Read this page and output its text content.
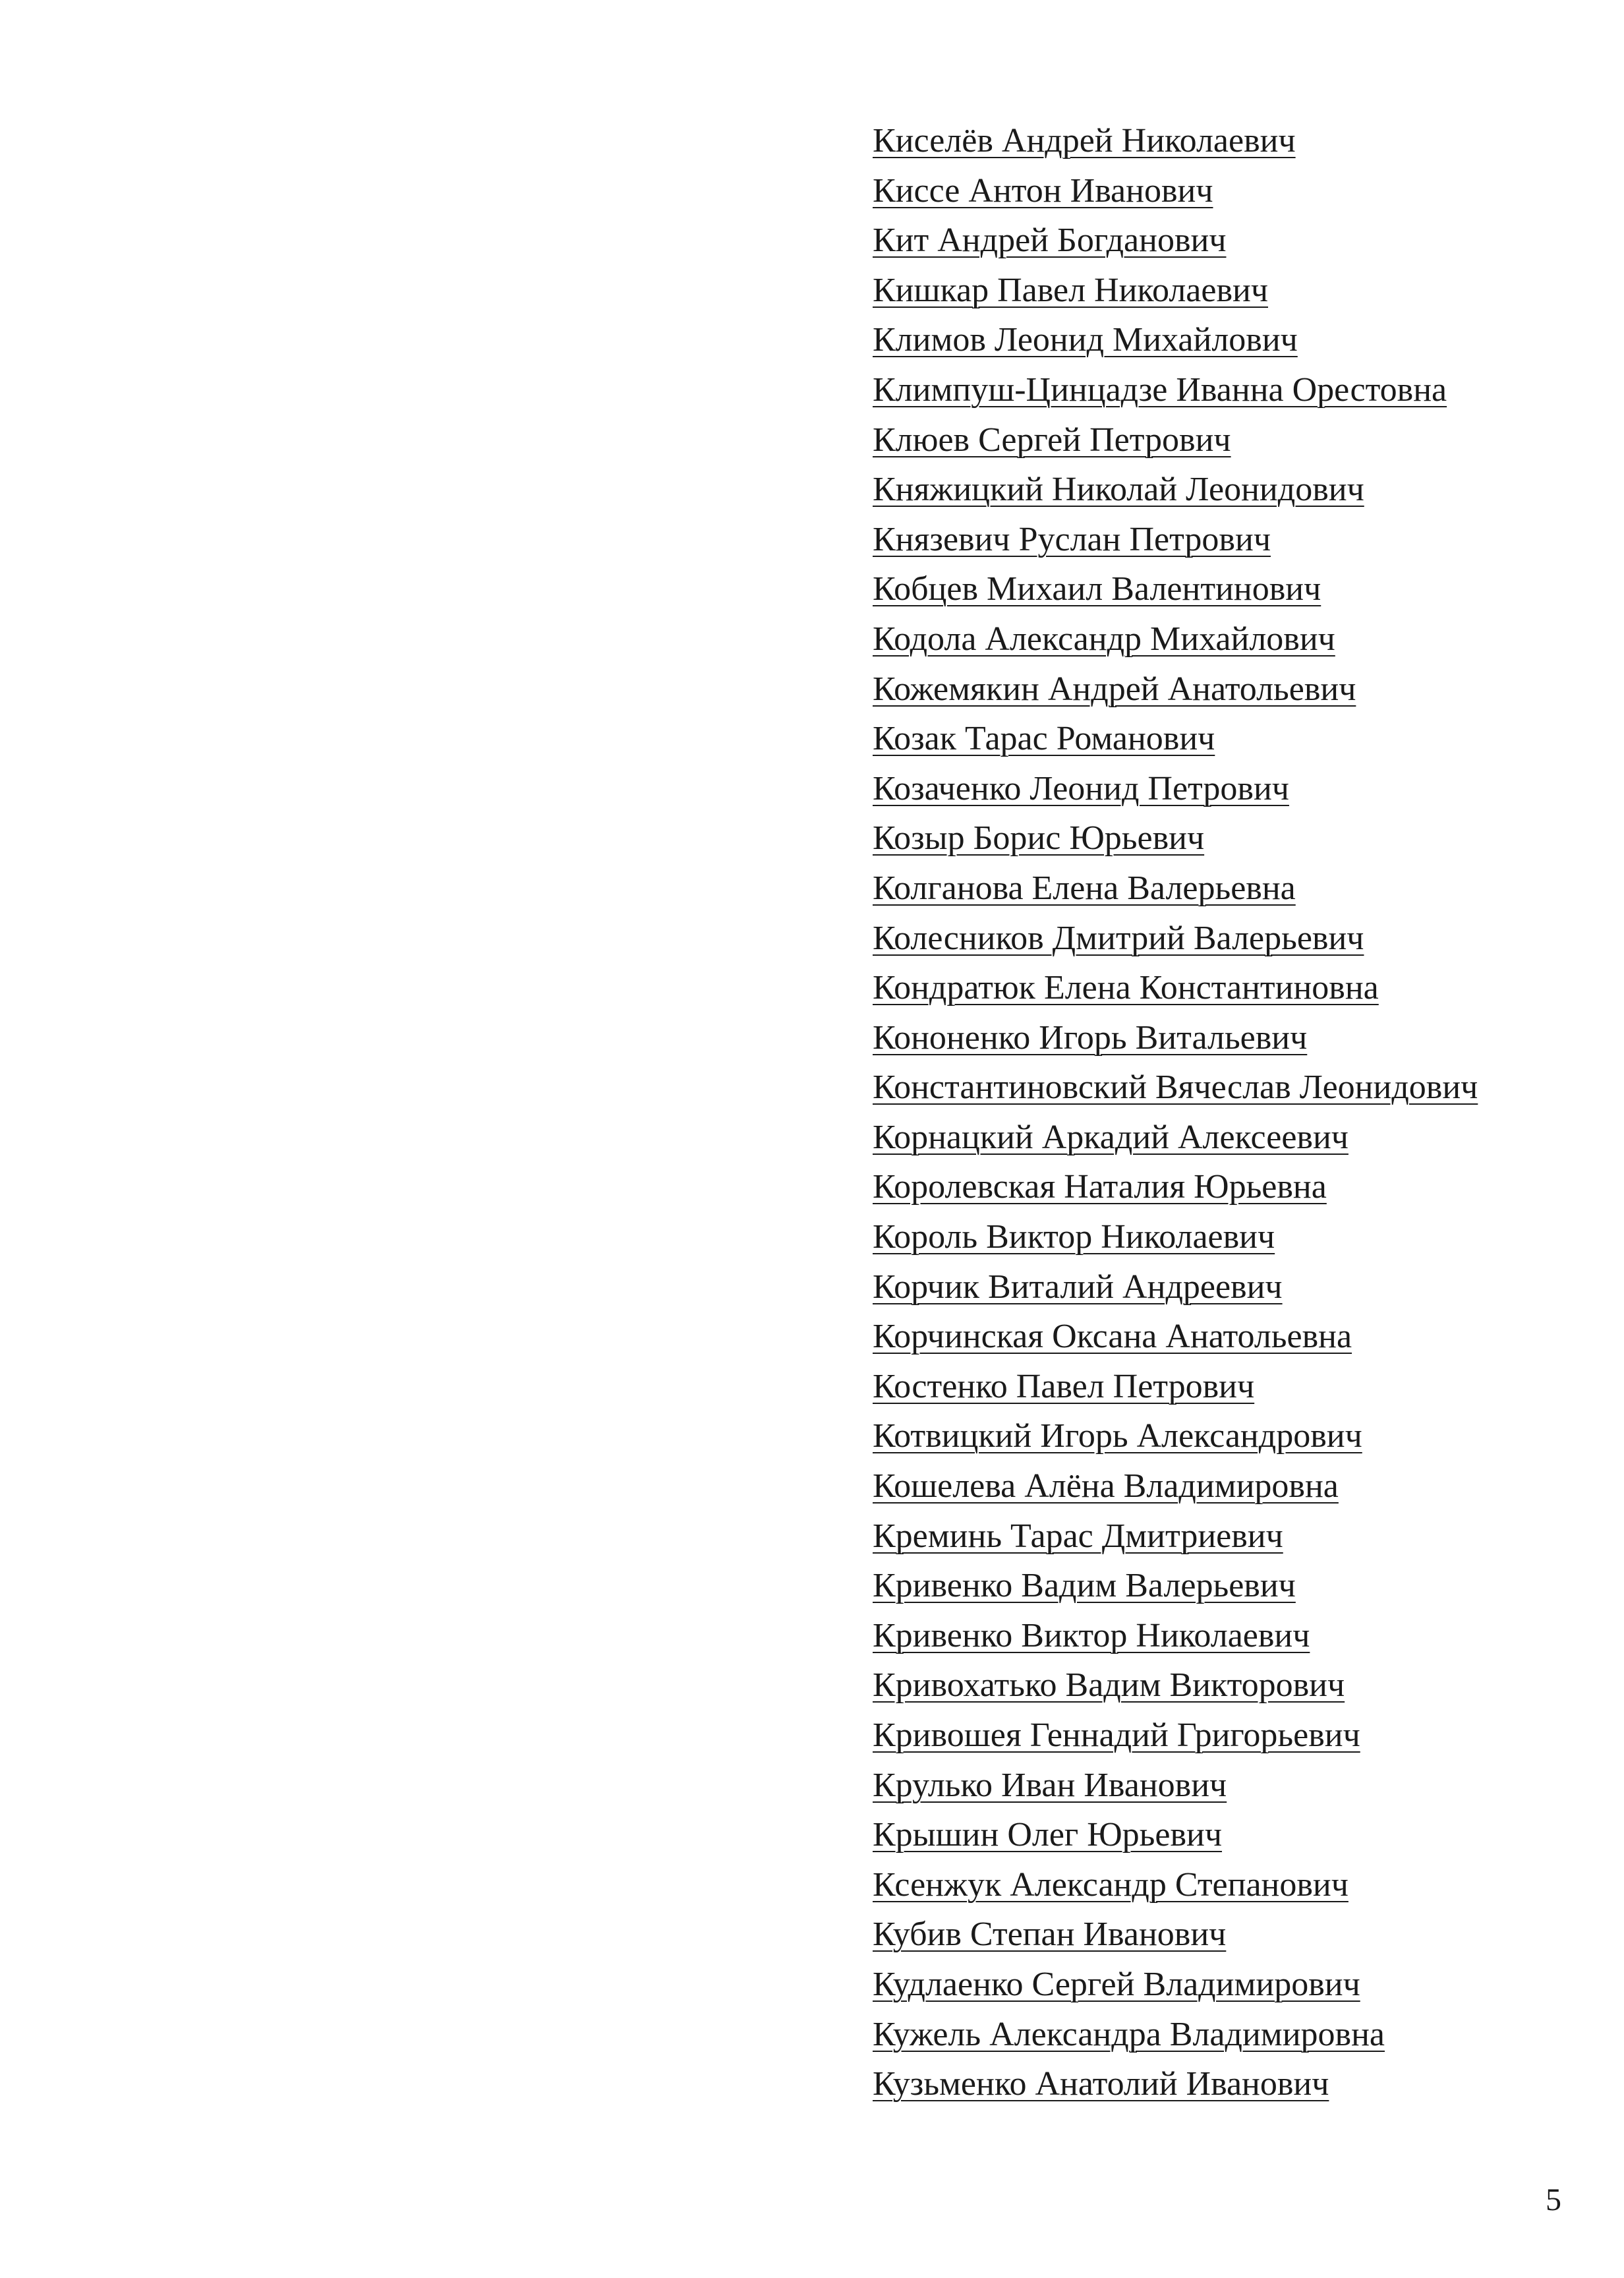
Киселёв Андрей Николаевич
Киссе Антон Иванович
Кит Андрей Богданович
Кишкар Павел Николаевич
Климов Леонид Михайлович
Климпуш-Цинцадзе Иванна Орестовна
Клюев Сергей Петрович
Княжицкий Николай Леонидович
Князевич Руслан Петрович
Кобцев Михаил Валентинович
Кодола Александр Михайлович
Кожемякин Андрей Анатольевич
Козак Тарас Романович
Козаченко Леонид Петрович
Козыр Борис Юрьевич
Колганова Елена Валерьевна
Колесников Дмитрий Валерьевич
Кондратюк Елена Константиновна
Кононенко Игорь Витальевич
Константиновский Вячеслав Леонидович
Корнацкий Аркадий Алексеевич
Королевская Наталия Юрьевна
Король Виктор Николаевич
Корчик Виталий Андреевич
Корчинская Оксана Анатольевна
Костенко Павел Петрович
Котвицкий Игорь Александрович
Кошелева Алёна Владимировна
Креминь Тарас Дмитриевич
Кривенко Вадим Валерьевич
Кривенко Виктор Николаевич
Кривохатько Вадим Викторович
Кривошея Геннадий Григорьевич
Крулько Иван Иванович
Крышин Олег Юрьевич
Ксенжук Александр Степанович
Кубив Степан Иванович
Кудлаенко Сергей Владимирович
Кужель Александра Владимировна
Кузьменко Анатолий Иванович
5
